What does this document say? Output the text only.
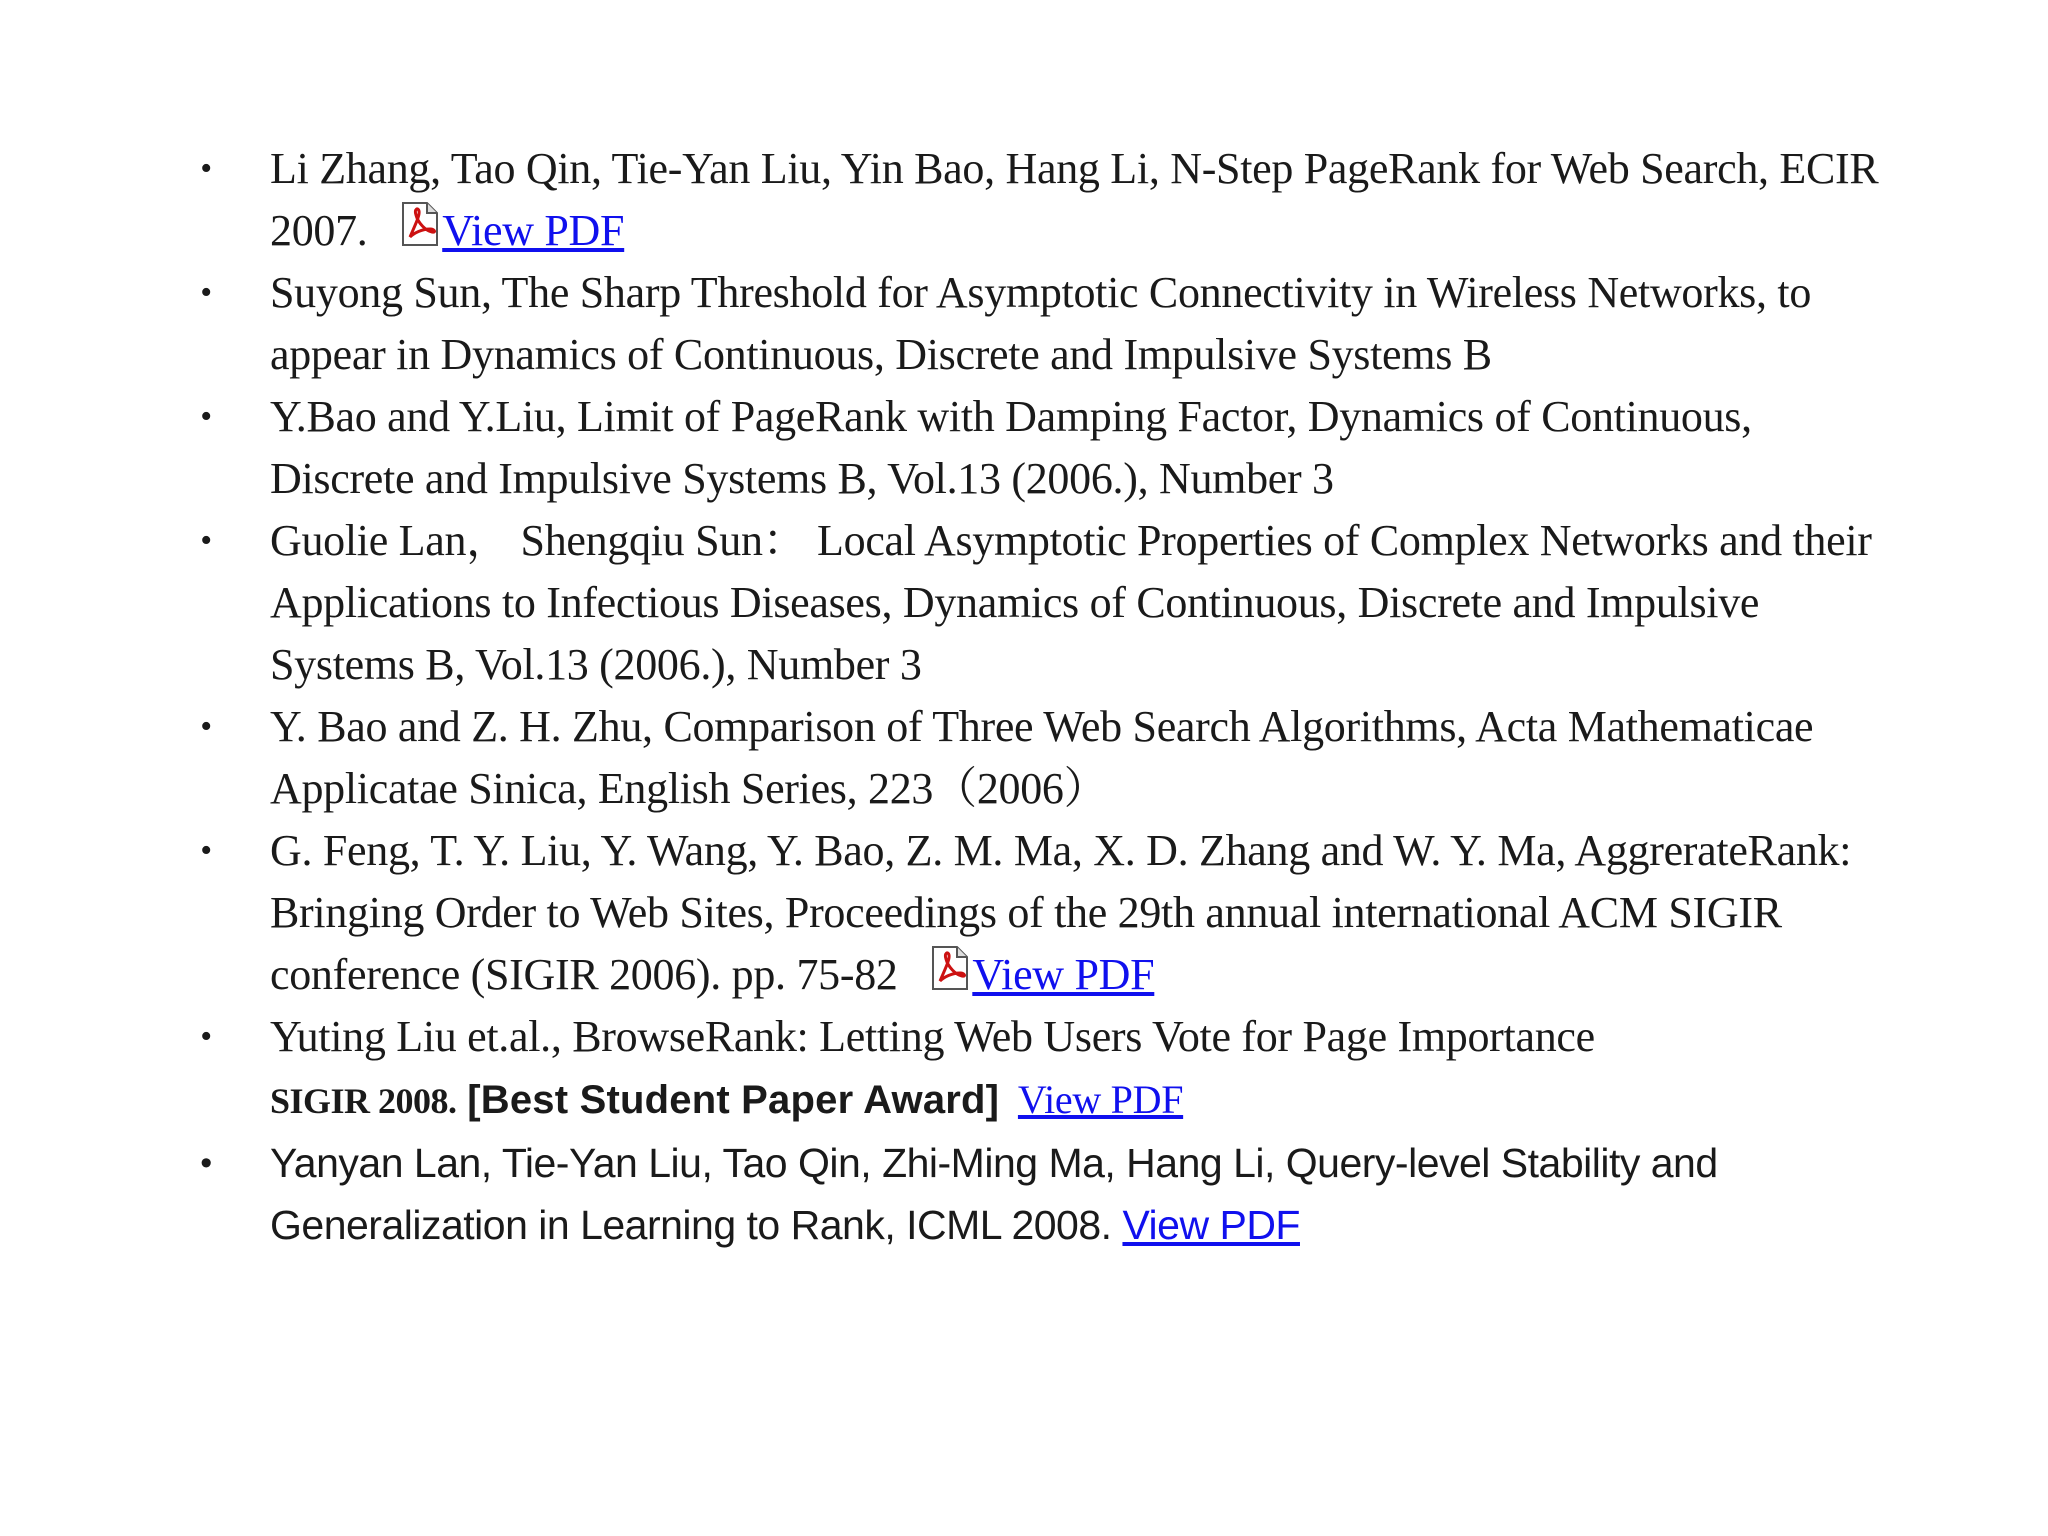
• Li Zhang, Tao Qin, Tie-Yan Liu, Yin Bao, Hang Li, N-Step PageRank for Web Search, ECIR 2007. View PDF
• Suyong Sun, The Sharp Threshold for Asymptotic Connectivity in Wireless Networks, to appear in Dynamics of Continuous, Discrete and Impulsive Systems B
• Y.Bao and Y.Liu, Limit of PageRank with Damping Factor, Dynamics of Continuous, Discrete and Impulsive Systems B, Vol.13 (2006.), Number 3
• Guolie Lan， Shengqiu Sun： Local Asymptotic Properties of Complex Networks and their Applications to Infectious Diseases, Dynamics of Continuous, Discrete and Impulsive Systems B, Vol.13 (2006.), Number 3
• Y. Bao and Z. H. Zhu, Comparison of Three Web Search Algorithms, Acta Mathematicae Applicatae Sinica, English Series, 223（2006）
• G. Feng, T. Y. Liu, Y. Wang, Y. Bao, Z. M. Ma, X. D. Zhang and W. Y. Ma, AggrerateRank: Bringing Order to Web Sites, Proceedings of the 29th annual international ACM SIGIR conference (SIGIR 2006). pp. 75-82 View PDF
• Yuting Liu et.al., BrowseRank: Letting Web Users Vote for Page Importance
SIGIR 2008. [Best Student Paper Award] View PDF
• Yanyan Lan, Tie-Yan Liu, Tao Qin, Zhi-Ming Ma, Hang Li, Query-level Stability and Generalization in Learning to Rank, ICML 2008. View PDF
